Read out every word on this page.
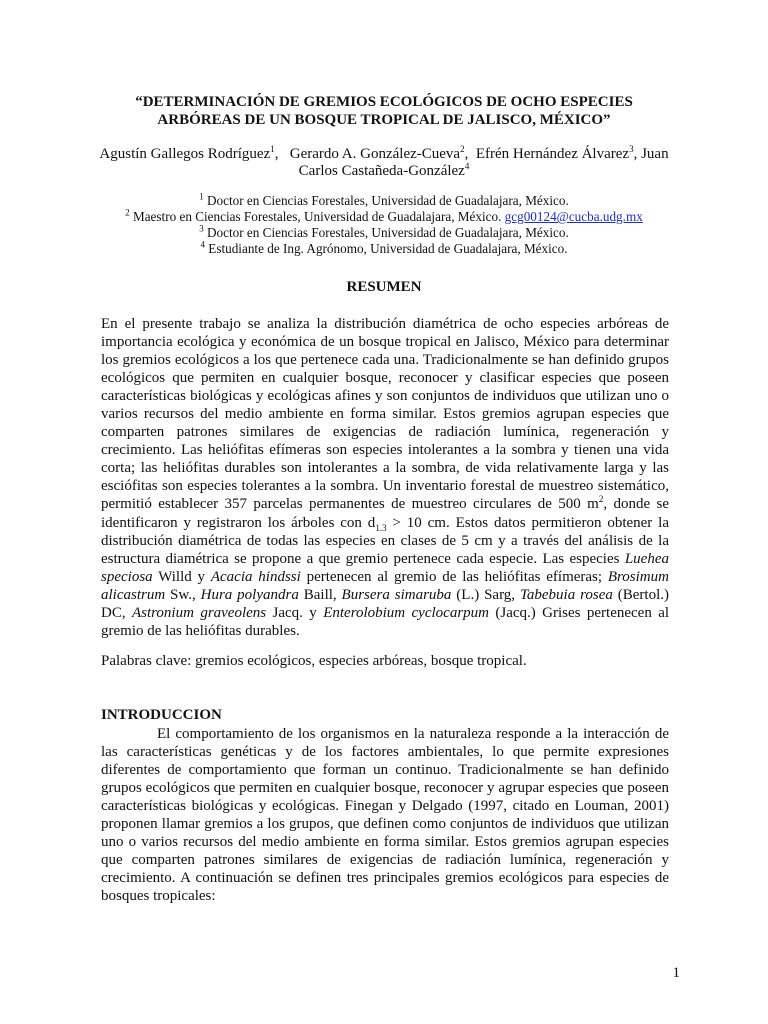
“DETERMINACIÓN DE GREMIOS ECOLÓGICOS DE OCHO ESPECIES
ARBÓREAS DE UN BOSQUE TROPICAL DE JALISCO, MÉXICO”
Agustín Gallegos Rodríguez$^1$,   Gerardo A. González-Cueva$^2$,  Efrén Hernández Álvarez$^3$, Juan Carlos Castañeda-González$^4$
$^1$ Doctor en Ciencias Forestales, Universidad de Guadalajara, México.
$^2$ Maestro en Ciencias Forestales, Universidad de Guadalajara, México. gcg00124@cucba.udg.mx
$^3$ Doctor en Ciencias Forestales, Universidad de Guadalajara, México.
$^4$ Estudiante de Ing. Agrónomo, Universidad de Guadalajara, México.
RESUMEN

En el presente trabajo se analiza la distribución diamétrica de ocho especies arbóreas de importancia ecológica y económica de un bosque tropical en Jalisco, México para determinar los gremios ecológicos a los que pertenece cada una. Tradicionalmente se han definido grupos ecológicos que permiten en cualquier bosque, reconocer y clasificar especies que poseen características biológicas y ecológicas afines y son conjuntos de individuos que utilizan uno o varios recursos del medio ambiente en forma similar. Estos gremios agrupan especies que comparten patrones similares de exigencias de radiación lumínica, regeneración y crecimiento. Las heliófitas efímeras son especies intolerantes a la sombra y tienen una vida corta; las heliófitas durables son intolerantes a la sombra, de vida relativamente larga y las esciófitas son especies tolerantes a la sombra. Un inventario forestal de muestreo sistemático, permitió establecer 357 parcelas permanentes de muestreo circulares de 500 $m^2$, donde se identificaron y registraron los árboles con $d_{1.3} > 10$ cm. Estos datos permitieron obtener la distribución diamétrica de todas las especies en clases de 5 cm y a través del análisis de la estructura diamétrica se propone a que gremio pertenece cada especie. Las especies Luehea speciosa Willd y Acacia hindssi pertenecen al gremio de las heliófitas efímeras; Brosimum alicastrum Sw., Hura polyandra Baill, Bursera simaruba (L.) Sarg, Tabebuia rosea (Bertol.) DC, Astronium graveolens Jacq. y Enterolobium cyclocarpum (Jacq.) Grises pertenecen al gremio de las heliófitas durables.

Palabras clave: gremios ecológicos, especies arbóreas, bosque tropical.

INTRODUCCION

El comportamiento de los organismos en la naturaleza responde a la interacción de las características genéticas y de los factores ambientales, lo que permite expresiones diferentes de comportamiento que forman un continuo. Tradicionalmente se han definido grupos ecológicos que permiten en cualquier bosque, reconocer y agrupar especies que poseen características biológicas y ecológicas. Finegan y Delgado (1997, citado en Louman, 2001) proponen llamar gremios a los grupos, que definen como conjuntos de individuos que utilizan uno o varios recursos del medio ambiente en forma similar. Estos gremios agrupan especies que comparten patrones similares de exigencias de radiación lumínica, regeneración y crecimiento. A continuación se definen tres principales gremios ecológicos para especies de bosques tropicales:

1
